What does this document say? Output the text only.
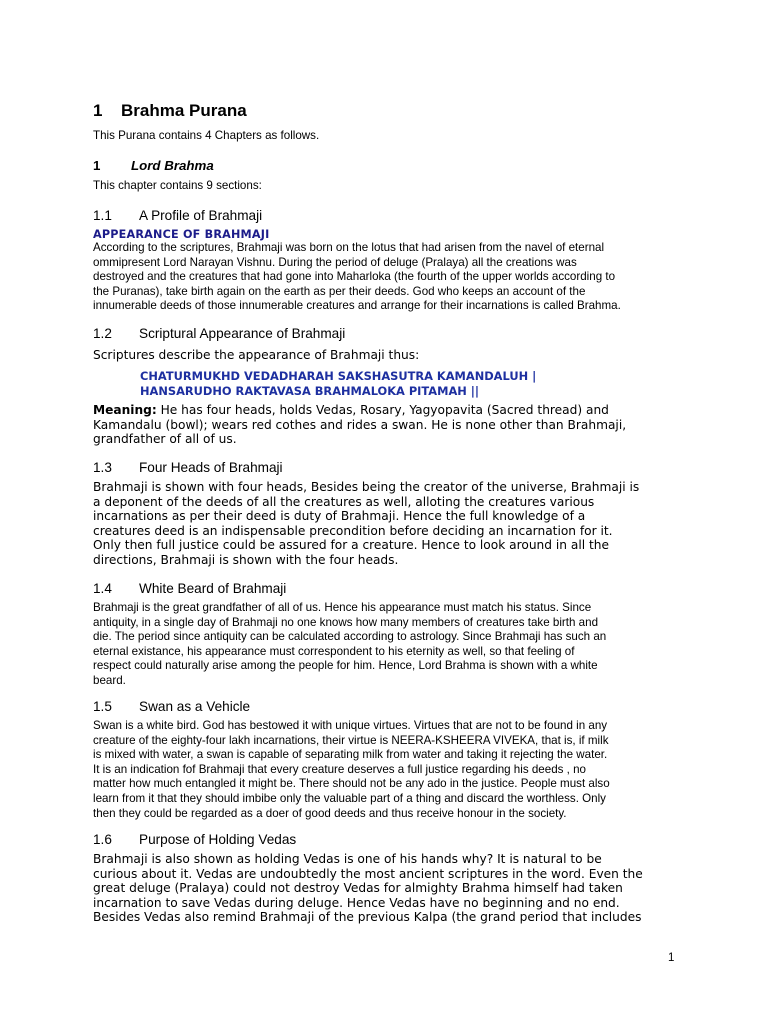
1 Brahma Purana

This Purana contains 4 Chapters as follows.

1 Lord Brahma

This chapter contains 9 sections:

1.1 A Profile of Brahmaji
APPEARANCE OF BRAHMAJI
According to the scriptures, Brahmaji was born on the lotus that had arisen from the navel of eternal
ommipresent Lord Narayan Vishnu. During the period of deluge (Pralaya) all the creations was
destroyed and the creatures that had gone into Maharloka (the fourth of the upper worlds according to
the Puranas), take birth again on the earth as per their deeds. God who keeps an account of the
innumerable deeds of those innumerable creatures and arrange for their incarnations is called Brahma.
1.2 Scriptural Appearance of Brahmaji

Scriptures describe the appearance of Brahmaji thus:

CHATURMUKHD VEDADHARAH SAKSHASUTRA KAMANDALUH |
HANSARUDHO RAKTAVASA BRAHMALOKA PITAMAH ||
Meaning: He has four heads, holds Vedas, Rosary, Yagyopavita (Sacred thread) and
Kamandalu (bowl); wears red cothes and rides a swan. He is none other than Brahmaji,
grandfather of all of us.
1.3 Four Heads of Brahmaji
Brahmaji is shown with four heads, Besides being the creator of the universe, Brahmaji is
a deponent of the deeds of all the creatures as well, alloting the creatures various
incarnations as per their deed is duty of Brahmaji. Hence the full knowledge of a
creatures deed is an indispensable precondition before deciding an incarnation for it.
Only then full justice could be assured for a creature. Hence to look around in all the
directions, Brahmaji is shown with the four heads.
1.4 White Beard of Brahmaji
Brahmaji is the great grandfather of all of us. Hence his appearance must match his status. Since
antiquity, in a single day of Brahmaji no one knows how many members of creatures take birth and
die. The period since antiquity can be calculated according to astrology. Since Brahmaji has such an
eternal existance, his appearance must correspondent to his eternity as well, so that feeling of
respect could naturally arise among the people for him. Hence, Lord Brahma is shown with a white
beard.
1.5 Swan as a Vehicle
Swan is a white bird. God has bestowed it with unique virtues. Virtues that are not to be found in any
creature of the eighty-four lakh incarnations, their virtue is NEERA-KSHEERA VIVEKA, that is, if milk
is mixed with water, a swan is capable of separating milk from water and taking it rejecting the water.
It is an indication fof Brahmaji that every creature deserves a full justice regarding his deeds , no
matter how much entangled it might be. There should not be any ado in the justice. People must also
learn from it that they should imbibe only the valuable part of a thing and discard the worthless. Only
then they could be regarded as a doer of good deeds and thus receive honour in the society.
1.6 Purpose of Holding Vedas
Brahmaji is also shown as holding Vedas is one of his hands why? It is natural to be
curious about it. Vedas are undoubtedly the most ancient scriptures in the word. Even the
great deluge (Pralaya) could not destroy Vedas for almighty Brahma himself had taken
incarnation to save Vedas during deluge. Hence Vedas have no beginning and no end.
Besides Vedas also remind Brahmaji of the previous Kalpa (the grand period that includes
1
